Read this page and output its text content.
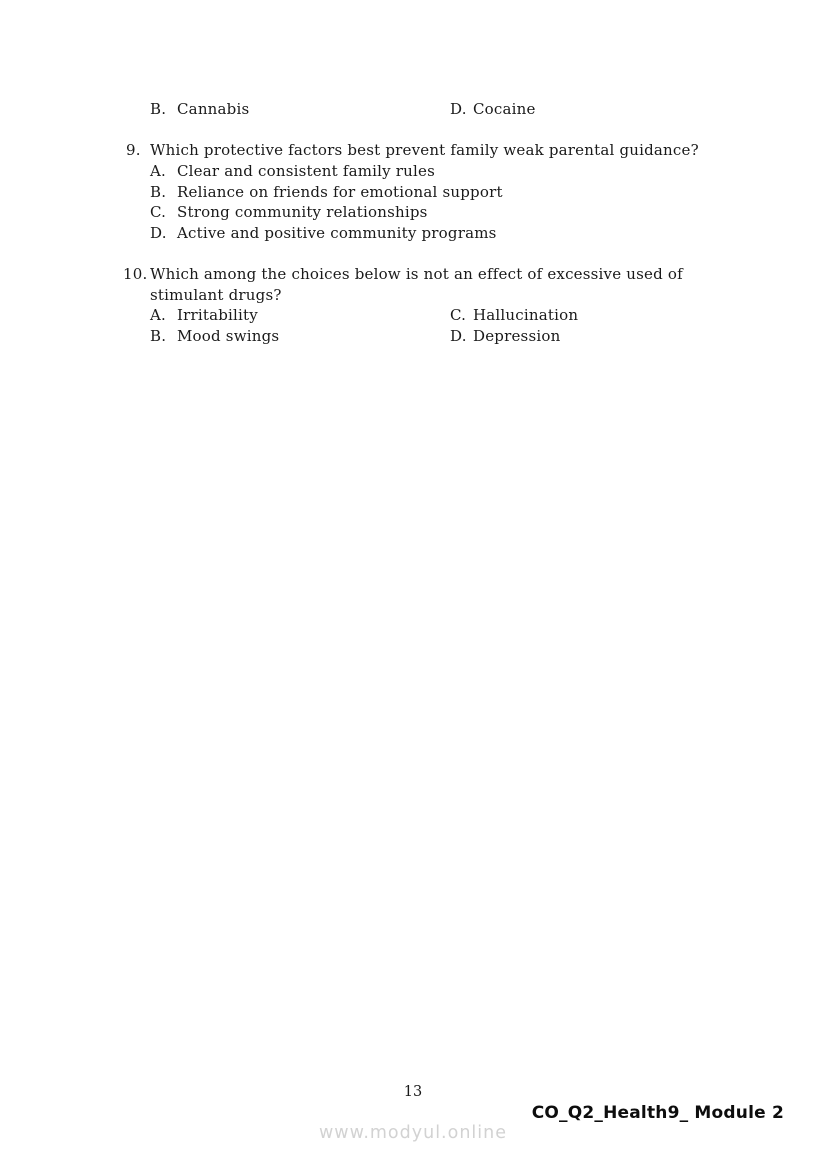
B. Cannabis	D. Cocaine
9. Which protective factors best prevent family weak parental guidance?
A. Clear and consistent family rules
B. Reliance on friends for emotional support
C. Strong community relationships
D. Active and positive community programs
10. Which among the choices below is not an effect of excessive used of
stimulant drugs?
A. Irritability	C. Hallucination
B. Mood swings	D. Depression
13
CO_Q2_Health9_ Module 2
www.modyul.online
